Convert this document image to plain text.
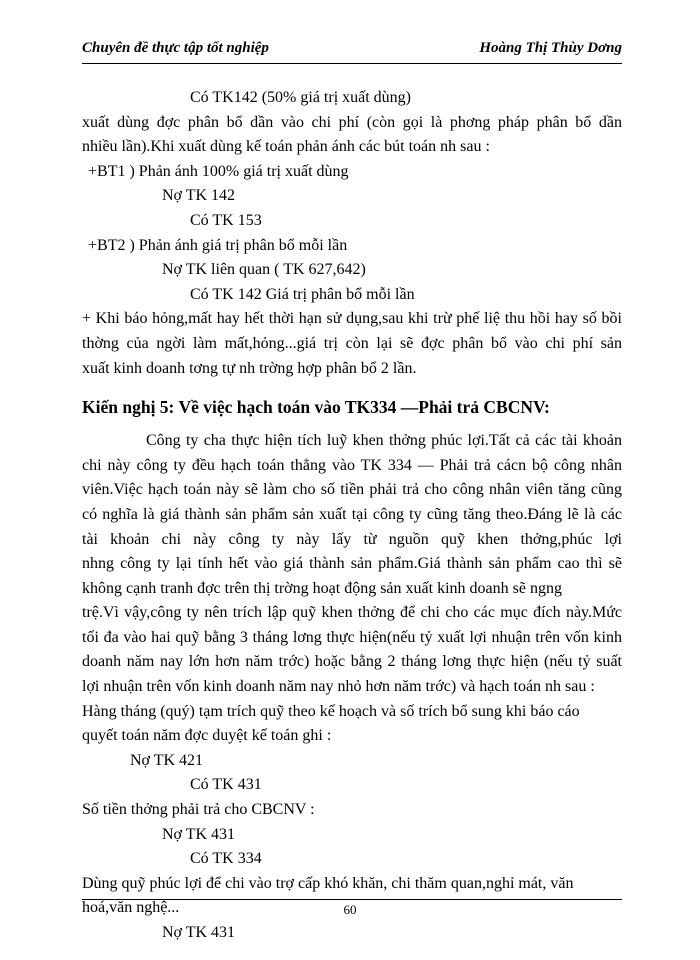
Chuyên đề thực tập tốt nghiệp	Hoàng Thị Thùy Dơng
Có TK142 (50% giá trị xuất dùng)
xuất dùng đợc phân bổ dần vào chi phí (còn gọi là phơng pháp phân bổ dần
nhiều lần).Khi xuất dùng kế toán phản ánh các bút toán nh sau :
+BT1 ) Phản ánh 100% giá trị xuất dùng
Nợ TK 142
Có TK 153
+BT2 ) Phản ánh giá trị phân bổ mỗi lần
Nợ TK liên quan ( TK 627,642)
Có TK 142 Giá trị phân bổ mỗi lần
+ Khi báo hỏng,mất hay hết thời hạn sử dụng,sau khi trừ phế liệ thu hồi hay số bồi
thờng của ngời làm mất,hỏng...giá trị còn lại sẽ đợc phân bổ vào chi phí sản
xuất kinh doanh tơng tự nh trờng hợp phân bổ 2 lần.
Kiến nghị 5: Về việc hạch toán vào TK334 —Phải trả CBCNV:
Công ty cha thực hiện tích luỹ khen thởng phúc lợi.Tất cả các tài khoản
chi này công ty đều hạch toán thẳng vào TK 334 — Phải trả cácn bộ công nhân
viên.Việc hạch toán này sẽ làm cho số tiền phải trả cho công nhân viên tăng cũng
có nghĩa là giá thành sản phẩm sản xuất tại công ty cũng tăng theo.Đáng lẽ là các
tài khoản chi này công ty này lấy từ nguồn quỹ khen thởng,phúc lợi
nhng công ty lại tính hết vào giá thành sản phẩm.Giá thành sản phẩm cao thì sẽ
không cạnh tranh đợc trên thị trờng hoạt động sản xuất kinh doanh sẽ ngng
trệ.Vì vậy,công ty nên trích lập quỹ khen thởng để chi cho các mục đích này.Mức
tối đa vào hai quỹ bằng 3 tháng lơng thực hiện(nếu tỷ xuất lợi nhuận trên vốn kinh
doanh năm nay lớn hơn năm trớc) hoặc bằng 2 tháng lơng thực hiện (nếu tỷ suất
lợi nhuận trên vốn kinh doanh năm nay nhỏ hơn năm trớc) và hạch toán nh sau :
Hàng tháng (quý) tạm trích quỹ theo kế hoạch và số trích bổ sung khi báo cáo
quyết toán năm đợc duyệt kế toán ghi :
Nợ TK 421
Có TK 431
Số tiền thởng phải trả cho CBCNV :
Nợ TK 431
Có TK 334
Dùng quỹ phúc lợi để chi vào trợ cấp khó khăn, chi thăm quan,nghỉ mát, văn
hoá,văn nghệ...
Nợ TK 431
60
